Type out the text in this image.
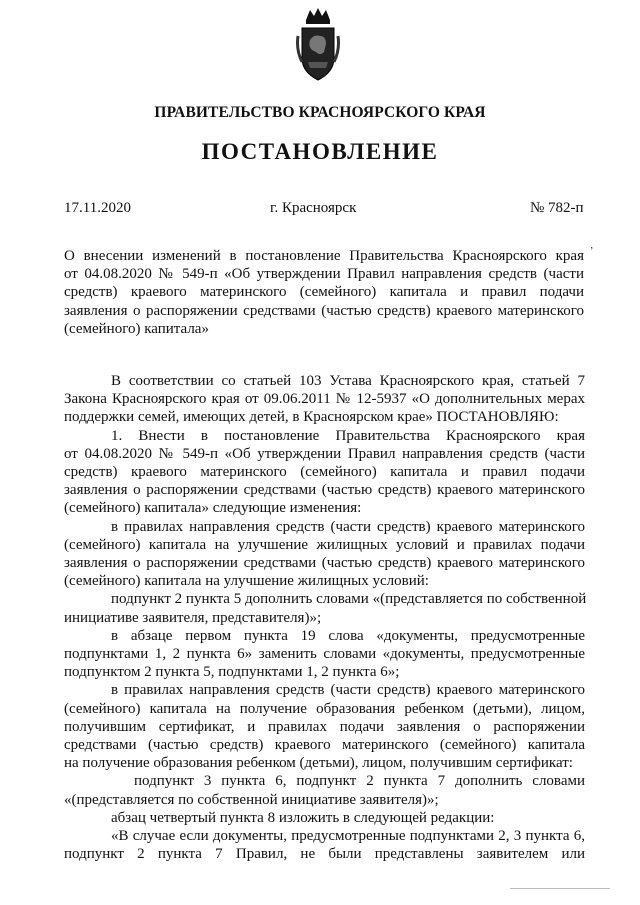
ПРАВИТЕЛЬСТВО КРАСНОЯРСКОГО КРАЯ
ПОСТАНОВЛЕНИЕ
17.11.2020	г. Красноярск	№ 782-п
ʼ
О внесении изменений в постановление Правительства Красноярского края
от 04.08.2020 № 549-п «Об утверждении Правил направления средств (части
средств) краевого материнского (семейного) капитала и правил подачи
заявления о распоряжении средствами (частью средств) краевого материнского
(семейного) капитала»
В соответствии со статьей 103 Устава Красноярского края, статьей 7
Закона Красноярского края от 09.06.2011 № 12-5937 «О дополнительных мерах
поддержки семей, имеющих детей, в Красноярском крае» ПОСТАНОВЛЯЮ:
1. Внести в постановление Правительства Красноярского края
от 04.08.2020 № 549-п «Об утверждении Правил направления средств (части
средств) краевого материнского (семейного) капитала и правил подачи
заявления о распоряжении средствами (частью средств) краевого материнского
(семейного) капитала» следующие изменения:
в правилах направления средств (части средств) краевого материнского
(семейного) капитала на улучшение жилищных условий и правилах подачи
заявления о распоряжении средствами (частью средств) краевого материнского
(семейного) капитала на улучшение жилищных условий:
подпункт 2 пункта 5 дополнить словами «(представляется по собственной
инициативе заявителя, представителя)»;
в абзаце первом пункта 19 слова «документы, предусмотренные
подпунктами 1, 2 пункта 6» заменить словами «документы, предусмотренные
подпунктом 2 пункта 5, подпунктами 1, 2 пункта 6»;
в правилах направления средств (части средств) краевого материнского
(семейного) капитала на получение образования ребенком (детьми), лицом,
получившим сертификат, и правилах подачи заявления о распоряжении
средствами (частью средств) краевого материнского (семейного) капитала
на получение образования ребенком (детьми), лицом, получившим сертификат:
подпункт 3 пункта 6, подпункт 2 пункта 7 дополнить словами
«(представляется по собственной инициативе заявителя)»;
абзац четвертый пункта 8 изложить в следующей редакции:
«В случае если документы, предусмотренные подпунктами 2, 3 пункта 6,
подпункт 2 пункта 7 Правил, не были представлены заявителем или
